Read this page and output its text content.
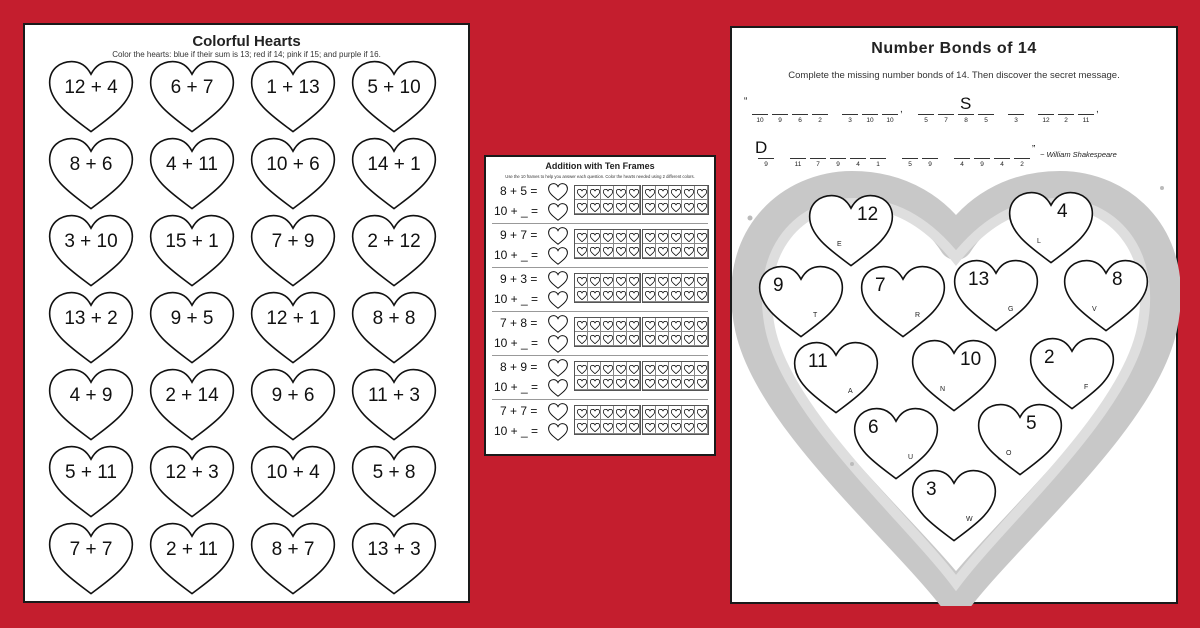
Colorful Hearts
Color the hearts: blue if their sum is 13; red if 14; pink if 15; and purple if 16.
12 + 4	6 + 7	1 + 13	5 + 10
8 + 6	4 + 11	10 + 6	14 + 1
3 + 10	15 + 1	7 + 9	2 + 12
13 + 2	9 + 5	12 + 1	8 + 8
4 + 9	2 + 14	9 + 6	11 + 3
5 + 11	12 + 3	10 + 4	5 + 8
7 + 7	2 + 11	8 + 7	13 + 3
Addition with Ten Frames
Use the 10 frames to help you answer each question. Color the hearts needed using 2 different colors.
8 + 5 =
10 + _ =
9 + 7 =
10 + _ =
9 + 3 =
10 + _ =
7 + 8 =
10 + _ =
8 + 9 =
10 + _ =
7 + 7 =
10 + _ =
Number Bonds of 14
Complete the missing number bonds of 14. Then discover the secret message.
“
10	9	6	2	3	10	10
,
5	7	8
S
5	3	12	2	11
,
9
D
11	7	9	4	1	5	9	4	9	4	2
” ~ William Shakespeare
12
E
4
L
9
T
7
R
13
G
8
V
11
A
10
N
2
F
6
U
5
O
3
W
